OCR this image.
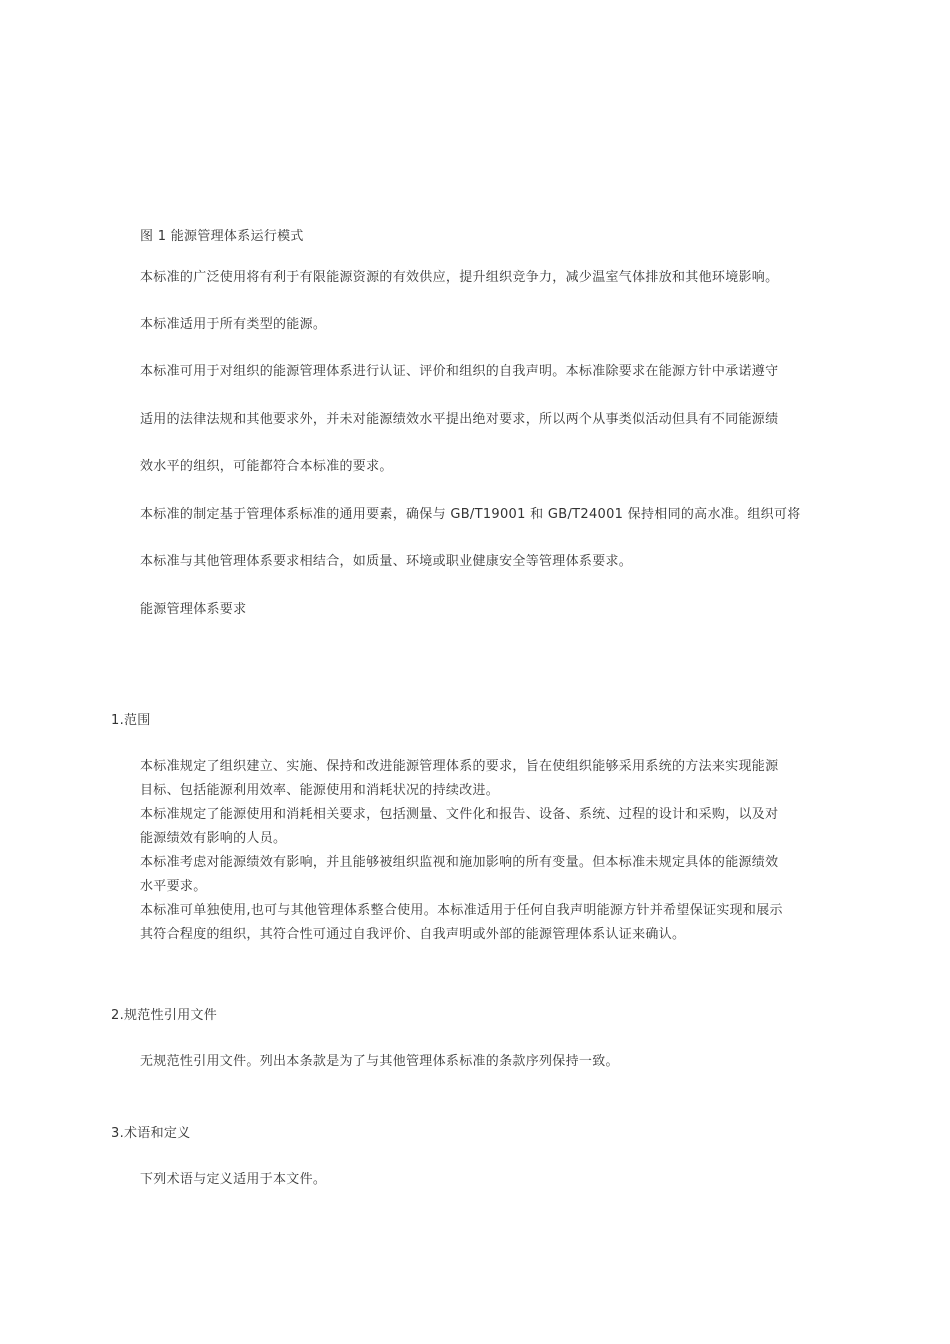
图 1 能源管理体系运行模式
本标准的广泛使用将有利于有限能源资源的有效供应，提升组织竞争力，减少温室气体排放和其他环境影响。
本标准适用于所有类型的能源。
本标准可用于对组织的能源管理体系进行认证、评价和组织的自我声明。本标准除要求在能源方针中承诺遵守
适用的法律法规和其他要求外，并未对能源绩效水平提出绝对要求，所以两个从事类似活动但具有不同能源绩
效水平的组织，可能都符合本标准的要求。
本标准的制定基于管理体系标准的通用要素，确保与 GB/T19001 和 GB/T24001 保持相同的高水准。组织可将
本标准与其他管理体系要求相结合，如质量、环境或职业健康安全等管理体系要求。
能源管理体系要求
1.范围
本标准规定了组织建立、实施、保持和改进能源管理体系的要求，旨在使组织能够采用系统的方法来实现能源
目标、包括能源利用效率、能源使用和消耗状况的持续改进。
本标准规定了能源使用和消耗相关要求，包括测量、文件化和报告、设备、系统、过程的设计和采购，以及对
能源绩效有影响的人员。
本标准考虑对能源绩效有影响，并且能够被组织监视和施加影响的所有变量。但本标准未规定具体的能源绩效
水平要求。
本标准可单独使用,也可与其他管理体系整合使用。本标准适用于任何自我声明能源方针并希望保证实现和展示
其符合程度的组织，其符合性可通过自我评价、自我声明或外部的能源管理体系认证来确认。
2.规范性引用文件
无规范性引用文件。列出本条款是为了与其他管理体系标准的条款序列保持一致。
3.术语和定义
下列术语与定义适用于本文件。
